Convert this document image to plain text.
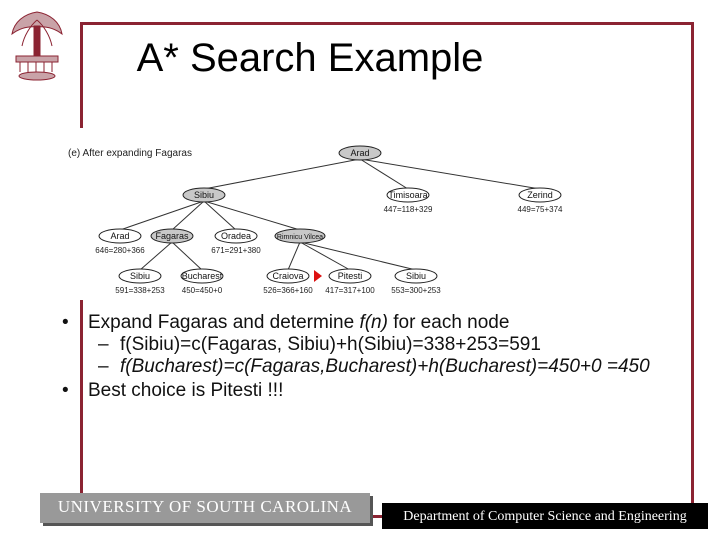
A* Search Example
(e) After expanding Fagaras	Arad
Sibiu	Timisoara
447=118+329
Zerind
449=75+374
Arad
646=280+366
Fagaras	Oradea
671=291+380
Rimnicu Vilcea
Sibiu
591=338+253
Bucharest
450=450+0
Craiova
526=366+160
Pitesti
417=317+100
Sibiu
553=300+253
• Expand Fagaras and determine f(n) for each node
– f(Sibiu)=c(Fagaras, Sibiu)+h(Sibiu)=338+253=591
– f(Bucharest)=c(Fagaras,Bucharest)+h(Bucharest)=450+0 =450
• Best choice is Pitesti !!!
UNIVERSITY OF SOUTH CAROLINA
Department of Computer Science and Engineering
